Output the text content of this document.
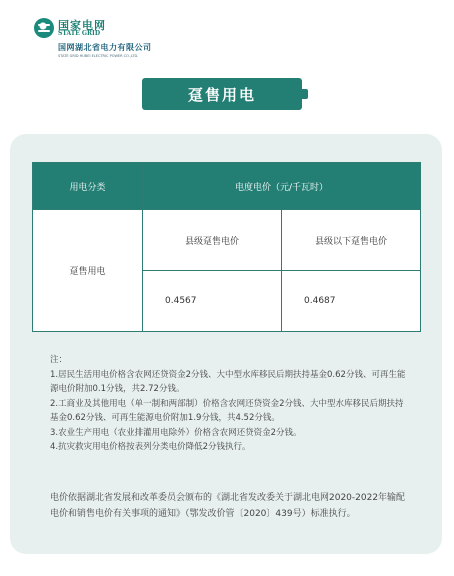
国家电网
STATE GRID
国网湖北省电力有限公司
STATE GRID HUBEI ELECTRIC POWER CO.,LTD.
趸售用电
用电分类	电度电价（元/千瓦时）	
趸售用电	县级趸售电价	县级以下趸售电价
	0.4567	0.4687
注：
1.居民生活用电价格含农网还贷资金2分钱、大中型水库移民后期扶持基金0.62分钱、可再生能源电价附加0.1分钱，共2.72分钱。
2.工商业及其他用电（单一制和两部制）价格含农网还贷资金2分钱、大中型水库移民后期扶持基金0.62分钱、可再生能源电价附加1.9分钱，共4.52分钱。
3.农业生产用电（农业排灌用电除外）价格含农网还贷资金2分钱。
4.抗灾救灾用电价格按表列分类电价降低2分钱执行。
电价依据湖北省发展和改革委员会颁布的《湖北省发改委关于湖北电网2020-2022年输配电价和销售电价有关事项的通知》（鄂发改价管〔2020〕439号）标准执行。
